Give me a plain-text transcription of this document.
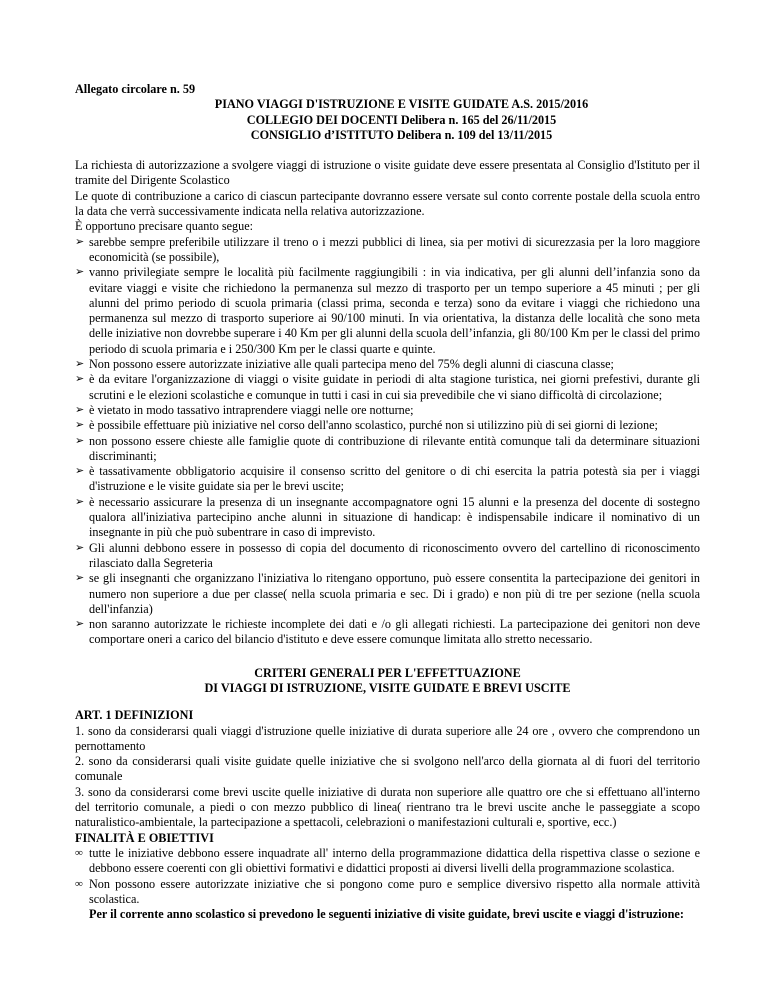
Allegato circolare n. 59

PIANO VIAGGI D'ISTRUZIONE E VISITE GUIDATE A.S. 2015/2016

COLLEGIO DEI DOCENTI Delibera n. 165 del 26/11/2015

CONSIGLIO d’ISTITUTO Delibera n. 109 del 13/11/2015

La richiesta di autorizzazione a svolgere viaggi di istruzione o visite guidate deve essere presentata al Consiglio d'Istituto per il tramite del Dirigente Scolastico

Le quote di contribuzione a carico di ciascun partecipante dovranno essere versate sul conto corrente postale della scuola entro la data che verrà successivamente indicata nella relativa autorizzazione.

È opportuno precisare quanto segue:

➢ sarebbe sempre preferibile utilizzare il treno o i mezzi pubblici di linea, sia per motivi di sicurezzasia per la loro maggiore economicità (se possibile),
➢ vanno privilegiate sempre le località più facilmente raggiungibili : in via indicativa, per gli alunni dell’infanzia sono da evitare viaggi e visite che richiedono la permanenza sul mezzo di trasporto per un tempo superiore a 45 minuti ; per gli alunni del primo periodo di scuola primaria (classi prima, seconda e terza) sono da evitare i viaggi che richiedono una permanenza sul mezzo di trasporto superiore ai 90/100 minuti. In via orientativa, la distanza delle località che sono meta delle iniziative non dovrebbe superare i 40 Km per gli alunni della scuola dell’infanzia, gli 80/100 Km per le classi del primo periodo di scuola primaria e i 250/300 Km per le classi quarte e quinte.
➢ Non possono essere autorizzate iniziative alle quali partecipa meno del 75% degli alunni di ciascuna classe;
➢ è da evitare l'organizzazione di viaggi o visite guidate in periodi di alta stagione turistica, nei giorni prefestivi, durante gli scrutini e le elezioni scolastiche e comunque in tutti i casi in cui sia prevedibile che vi siano difficoltà di circolazione;
➢ è vietato in modo tassativo intraprendere viaggi nelle ore notturne;
➢ è possibile effettuare più iniziative nel corso dell'anno scolastico, purché non si utilizzino più di sei giorni di lezione;
➢ non possono essere chieste alle famiglie quote di contribuzione di rilevante entità comunque tali da determinare situazioni discriminanti;
➢ è tassativamente obbligatorio acquisire il consenso scritto del genitore o di chi esercita la patria potestà sia per i viaggi d'istruzione e le visite guidate sia per le brevi uscite;
➢ è necessario assicurare la presenza di un insegnante accompagnatore ogni 15 alunni e la presenza del docente di sostegno qualora all'iniziativa partecipino anche alunni in situazione di handicap: è indispensabile indicare il nominativo di un insegnante in più che può subentrare in caso di imprevisto.
➢ Gli alunni debbono essere in possesso di copia del documento di riconoscimento ovvero del cartellino di riconoscimento rilasciato dalla Segreteria
➢ se gli insegnanti che organizzano l'iniziativa lo ritengano opportuno, può essere consentita la partecipazione dei genitori in numero non superiore a due per classe( nella scuola primaria e sec. Di i grado) e non più di tre per sezione (nella scuola dell'infanzia)
➢ non saranno autorizzate le richieste incomplete dei dati e /o gli allegati richiesti. La partecipazione dei genitori non deve comportare oneri a carico del bilancio d'istituto e deve essere comunque limitata allo stretto necessario.

CRITERI GENERALI PER L'EFFETTUAZIONE

DI VIAGGI DI ISTRUZIONE, VISITE GUIDATE E BREVI USCITE

ART. 1 DEFINIZIONI

1. sono da considerarsi quali viaggi d'istruzione quelle iniziative di durata superiore alle 24 ore , ovvero che comprendono un pernottamento

2. sono da considerarsi quali visite guidate quelle iniziative che si svolgono nell'arco della giornata al di fuori del territorio comunale

3. sono da considerarsi come brevi uscite quelle iniziative di durata non superiore alle quattro ore che si effettuano all'interno del territorio comunale, a piedi o con mezzo pubblico di linea( rientrano tra le brevi uscite anche le passeggiate a scopo naturalistico-ambientale, la partecipazione a spettacoli, celebrazioni o manifestazioni culturali e, sportive, ecc.)

FINALITÀ E OBIETTIVI

∞ tutte le iniziative debbono essere inquadrate all' interno della programmazione didattica della rispettiva classe o sezione e debbono essere coerenti con gli obiettivi formativi e didattici proposti ai diversi livelli della programmazione scolastica.
∞ Non possono essere autorizzate iniziative che si pongono come puro e semplice diversivo rispetto alla normale attività scolastica.

Per il corrente anno scolastico si prevedono le seguenti iniziative di visite guidate, brevi uscite e viaggi d'istruzione:
